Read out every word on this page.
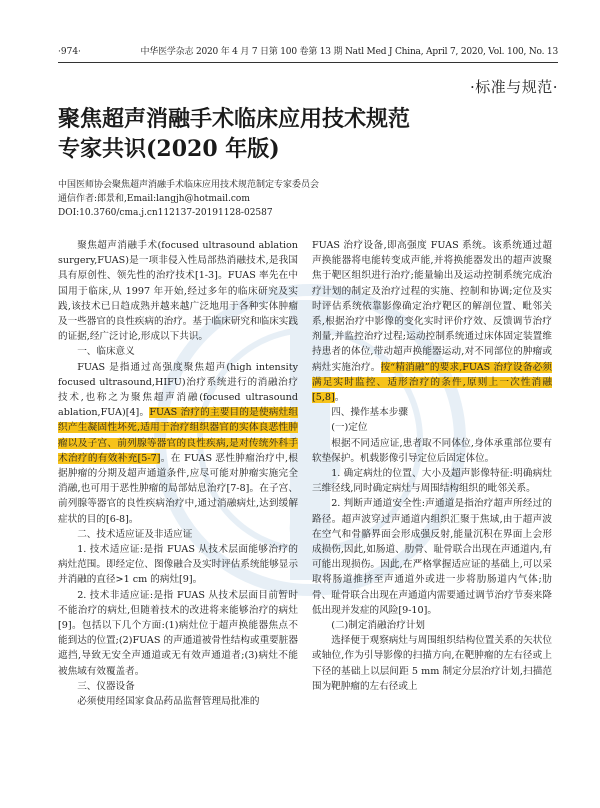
·974·	中华医学杂志 2020 年 4 月 7 日第 100 卷第 13 期 Natl Med J China, April 7, 2020, Vol. 100, No. 13
·标准与规范·
聚焦超声消融手术临床应用技术规范
专家共识(2020 年版)
中国医师协会聚焦超声消融手术临床应用技术规范制定专家委员会
通信作者:郎景和,Email:langjh@hotmail.com
DOI:10.3760/cma.j.cn112137-20191128-02587

聚焦超声消融手术(focused ultrasound ablation surgery,FUAS)是一项非侵入性局部热消融技术,是我国具有原创性、领先性的治疗技术[1-3]。FUAS 率先在中国用于临床,从 1997 年开始,经过多年的临床研究及实践,该技术已日趋成熟并越来越广泛地用于各种实体肿瘤及一些器官的良性疾病的治疗。基于临床研究和临床实践的证据,经广泛讨论,形成以下共识。

一、临床意义

FUAS 是指通过高强度聚焦超声(high intensity focused ultrasound,HIFU)治疗系统进行的消融治疗技术,也称之为聚焦超声消融(focused ultrasound ablation,FUA)[4]。FUAS 治疗的主要目的是使病灶组织产生凝固性坏死,适用于治疗组织器官的实体良恶性肿瘤以及子宫、前列腺等器官的良性疾病,是对传统外科手术治疗的有效补充[5-7]。在 FUAS 恶性肿瘤治疗中,根据肿瘤的分期及超声通道条件,应尽可能对肿瘤实施完全消融,也可用于恶性肿瘤的局部姑息治疗[7-8]。在子宫、前列腺等器官的良性疾病治疗中,通过消融病灶,达到缓解症状的目的[6-8]。

二、技术适应证及非适应证

1. 技术适应证:是指 FUAS 从技术层面能够治疗的病灶范围。即经定位、图像融合及实时评估系统能够显示并消融的直径>1 cm 的病灶[9]。

2. 技术非适应证:是指 FUAS 从技术层面目前暂时不能治疗的病灶,但随着技术的改进将来能够治疗的病灶[9]。包括以下几个方面:(1)病灶位于超声换能器焦点不能到达的位置;(2)FUAS 的声通道被骨性结构或重要脏器遮挡,导致无安全声通道或无有效声通道者;(3)病灶不能被焦域有效覆盖者。

三、仪器设备

必须使用经国家食品药品监督管理局批准的

FUAS 治疗设备,即高强度 FUAS 系统。该系统通过超声换能器将电能转变成声能,并将换能器发出的超声波聚焦于靶区组织进行治疗;能量输出及运动控制系统完成治疗计划的制定及治疗过程的实施、控制和协调;定位及实时评估系统依靠影像确定治疗靶区的解剖位置、毗邻关系,根据治疗中影像的变化实时评价疗效、反馈调节治疗剂量,并监控治疗过程;运动控制系统通过床体固定装置维持患者的体位,带动超声换能器运动,对不同部位的肿瘤或病灶实施治疗。按“精消融”的要求,FUAS 治疗设备必须满足实时监控、适形治疗的条件,原则上一次性消融[5,8]。

四、操作基本步骤

(一)定位

根据不同适应证,患者取不同体位,身体承重部位要有软垫保护。机载影像引导定位后固定体位。

1. 确定病灶的位置、大小及超声影像特征:明确病灶三维径线,同时确定病灶与周围结构组织的毗邻关系。

2. 判断声通道安全性:声通道是指治疗超声所经过的路径。超声波穿过声通道内组织汇聚于焦域,由于超声波在空气和骨骼界面会形成强反射,能量沉积在界面上会形成损伤,因此,如肠道、肋骨、耻骨联合出现在声通道内,有可能出现损伤。因此,在严格掌握适应证的基础上,可以采取将肠道推挤至声通道外或进一步将肋肠道内气体;肋骨、耻骨联合出现在声通道内需要通过调节治疗节奏来降低出现并发症的风险[9-10]。

(二)制定消融治疗计划

选择便于观察病灶与周围组织结构位置关系的矢状位或轴位,作为引导影像的扫描方向,在靶肿瘤的左右径或上下径的基础上以层间距 5 mm 制定分层治疗计划,扫描范围为靶肿瘤的左右径或上
